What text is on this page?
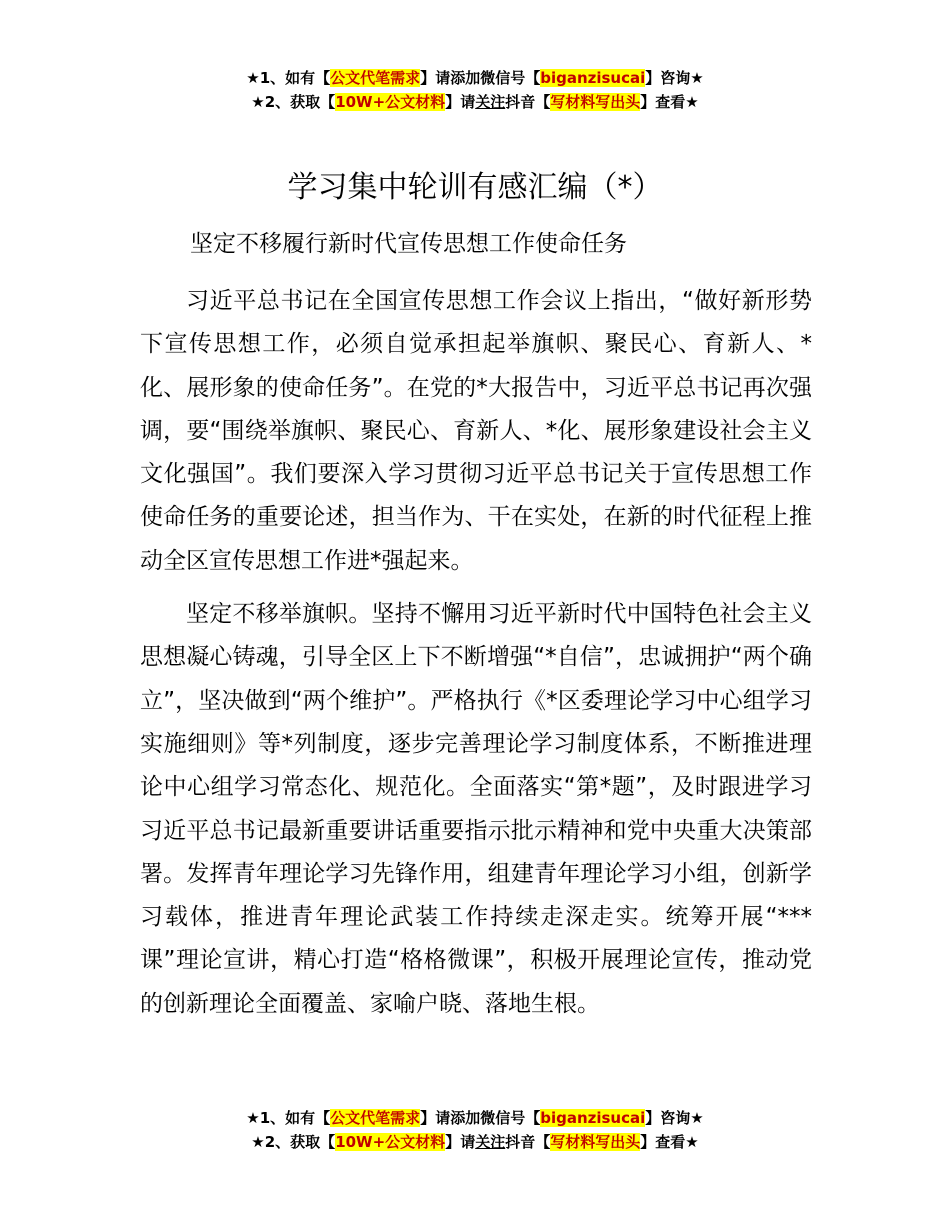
★1、如有【公文代笔需求】请添加微信号【biganzisucai】咨询★
★2、获取【10W+公文材料】请关注抖音【写材料写出头】查看★
学习集中轮训有感汇编（*）
坚定不移履行新时代宣传思想工作使命任务

习近平总书记在全国宣传思想工作会议上指出，“做好新形势下宣传思想工作，必须自觉承担起举旗帜、聚民心、育新人、*化、展形象的使命任务”。在党的*大报告中，习近平总书记再次强调，要“围绕举旗帜、聚民心、育新人、*化、展形象建设社会主义文化强国”。我们要深入学习贯彻习近平总书记关于宣传思想工作使命任务的重要论述，担当作为、干在实处，在新的时代征程上推动全区宣传思想工作进*强起来。

坚定不移举旗帜。坚持不懈用习近平新时代中国特色社会主义思想凝心铸魂，引导全区上下不断增强“*自信”，忠诚拥护“两个确立”，坚决做到“两个维护”。严格执行《*区委理论学习中心组学习实施细则》等*列制度，逐步完善理论学习制度体系，不断推进理论中心组学习常态化、规范化。全面落实“第*题”，及时跟进学习习近平总书记最新重要讲话重要指示批示精神和党中央重大决策部署。发挥青年理论学习先锋作用，组建青年理论学习小组，创新学习载体，推进青年理论武装工作持续走深走实。统筹开展“***课”理论宣讲，精心打造“格格微课”，积极开展理论宣传，推动党的创新理论全面覆盖、家喻户晓、落地生根。

★1、如有【公文代笔需求】请添加微信号【biganzisucai】咨询★
★2、获取【10W+公文材料】请关注抖音【写材料写出头】查看★
